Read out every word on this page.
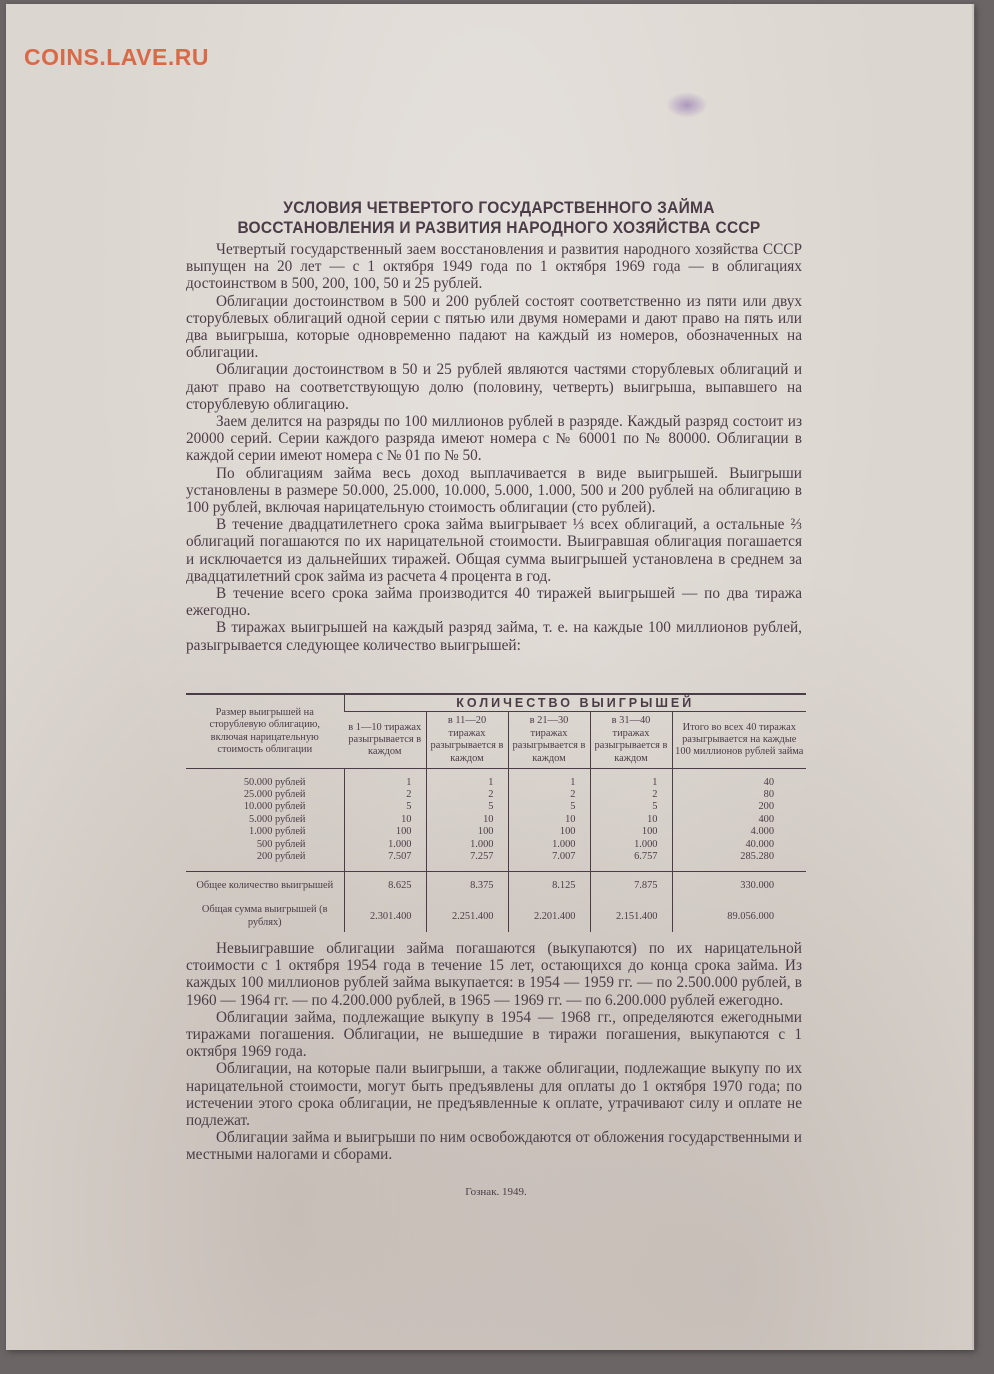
COINS.LAVE.RU
УСЛОВИЯ ЧЕТВЕРТОГО ГОСУДАРСТВЕННОГО ЗАЙМА
ВОССТАНОВЛЕНИЯ И РАЗВИТИЯ НАРОДНОГО ХОЗЯЙСТВА СССР

Четвертый государственный заем восстановления и развития народного хозяйства СССР выпущен на 20 лет — с 1 октября 1949 года по 1 октября 1969 года — в облигациях достоинством в 500, 200, 100, 50 и 25 рублей.

Облигации достоинством в 500 и 200 рублей состоят соответственно из пяти или двух сторублевых облигаций одной серии с пятью или двумя номерами и дают право на пять или два выигрыша, которые одновременно падают на каждый из номеров, обозначенных на облигации.

Облигации достоинством в 50 и 25 рублей являются частями сторублевых облигаций и дают право на соответствующую долю (половину, четверть) выигрыша, выпавшего на сторублевую облигацию.

Заем делится на разряды по 100 миллионов рублей в разряде. Каждый разряд состоит из 20000 серий. Серии каждого разряда имеют номера с № 60001 по № 80000. Облигации в каждой серии имеют номера с № 01 по № 50.

По облигациям займа весь доход выплачивается в виде выигрышей. Выигрыши установлены в размере 50.000, 25.000, 10.000, 5.000, 1.000, 500 и 200 рублей на облигацию в 100 рублей, включая нарицательную стоимость облигации (сто рублей).

В течение двадцатилетнего срока займа выигрывает ⅓ всех облигаций, а остальные ⅔ облигаций погашаются по их нарицательной стоимости. Выигравшая облигация погашается и исключается из дальнейших тиражей. Общая сумма выигрышей установлена в среднем за двадцатилетний срок займа из расчета 4 процента в год.

В течение всего срока займа производится 40 тиражей выигрышей — по два тиража ежегодно.

В тиражах выигрышей на каждый разряд займа, т. е. на каждые 100 миллионов рублей, разыгрывается следующее количество выигрышей:

Размер выигрышей на сторублевую облигацию, включая нарицательную стоимость облигации	КОЛИЧЕСТВО ВЫИГРЫШЕЙ				
	в 1—10 тиражах разыгрывается в каждом	в 11—20 тиражах разыгрывается в каждом	в 21—30 тиражах разыгрывается в каждом	в 31—40 тиражах разыгрывается в каждом	Итого во всех 40 тиражах разыгрывается на каждые 100 миллионов рублей займа

50.000 рублей	1	1	1	1	40
25.000 рублей	2	2	2	2	80
10.000 рублей	5	5	5	5	200
5.000 рублей	10	10	10	10	400
1.000 рублей	100	100	100	100	4.000
500 рублей	1.000	1.000	1.000	1.000	40.000
200 рублей	7.507	7.257	7.007	6.757	285.280

Общее количество выигрышей	8.625	8.375	8.125	7.875	330.000
Общая сумма выигрышей (в рублях)	2.301.400	2.251.400	2.201.400	2.151.400	89.056.000

Невыигравшие облигации займа погашаются (выкупаются) по их нарицательной стоимости с 1 октября 1954 года в течение 15 лет, остающихся до конца срока займа. Из каждых 100 миллионов рублей займа выкупается: в 1954 — 1959 гг. — по 2.500.000 рублей, в 1960 — 1964 гг. — по 4.200.000 рублей, в 1965 — 1969 гг. — по 6.200.000 рублей ежегодно.

Облигации займа, подлежащие выкупу в 1954 — 1968 гг., определяются ежегодными тиражами погашения. Облигации, не вышедшие в тиражи погашения, выкупаются с 1 октября 1969 года.

Облигации, на которые пали выигрыши, а также облигации, подлежащие выкупу по их нарицательной стоимости, могут быть предъявлены для оплаты до 1 октября 1970 года; по истечении этого срока облигации, не предъявленные к оплате, утрачивают силу и оплате не подлежат.

Облигации займа и выигрыши по ним освобождаются от обложения государственными и местными налогами и сборами.

Гознак. 1949.
